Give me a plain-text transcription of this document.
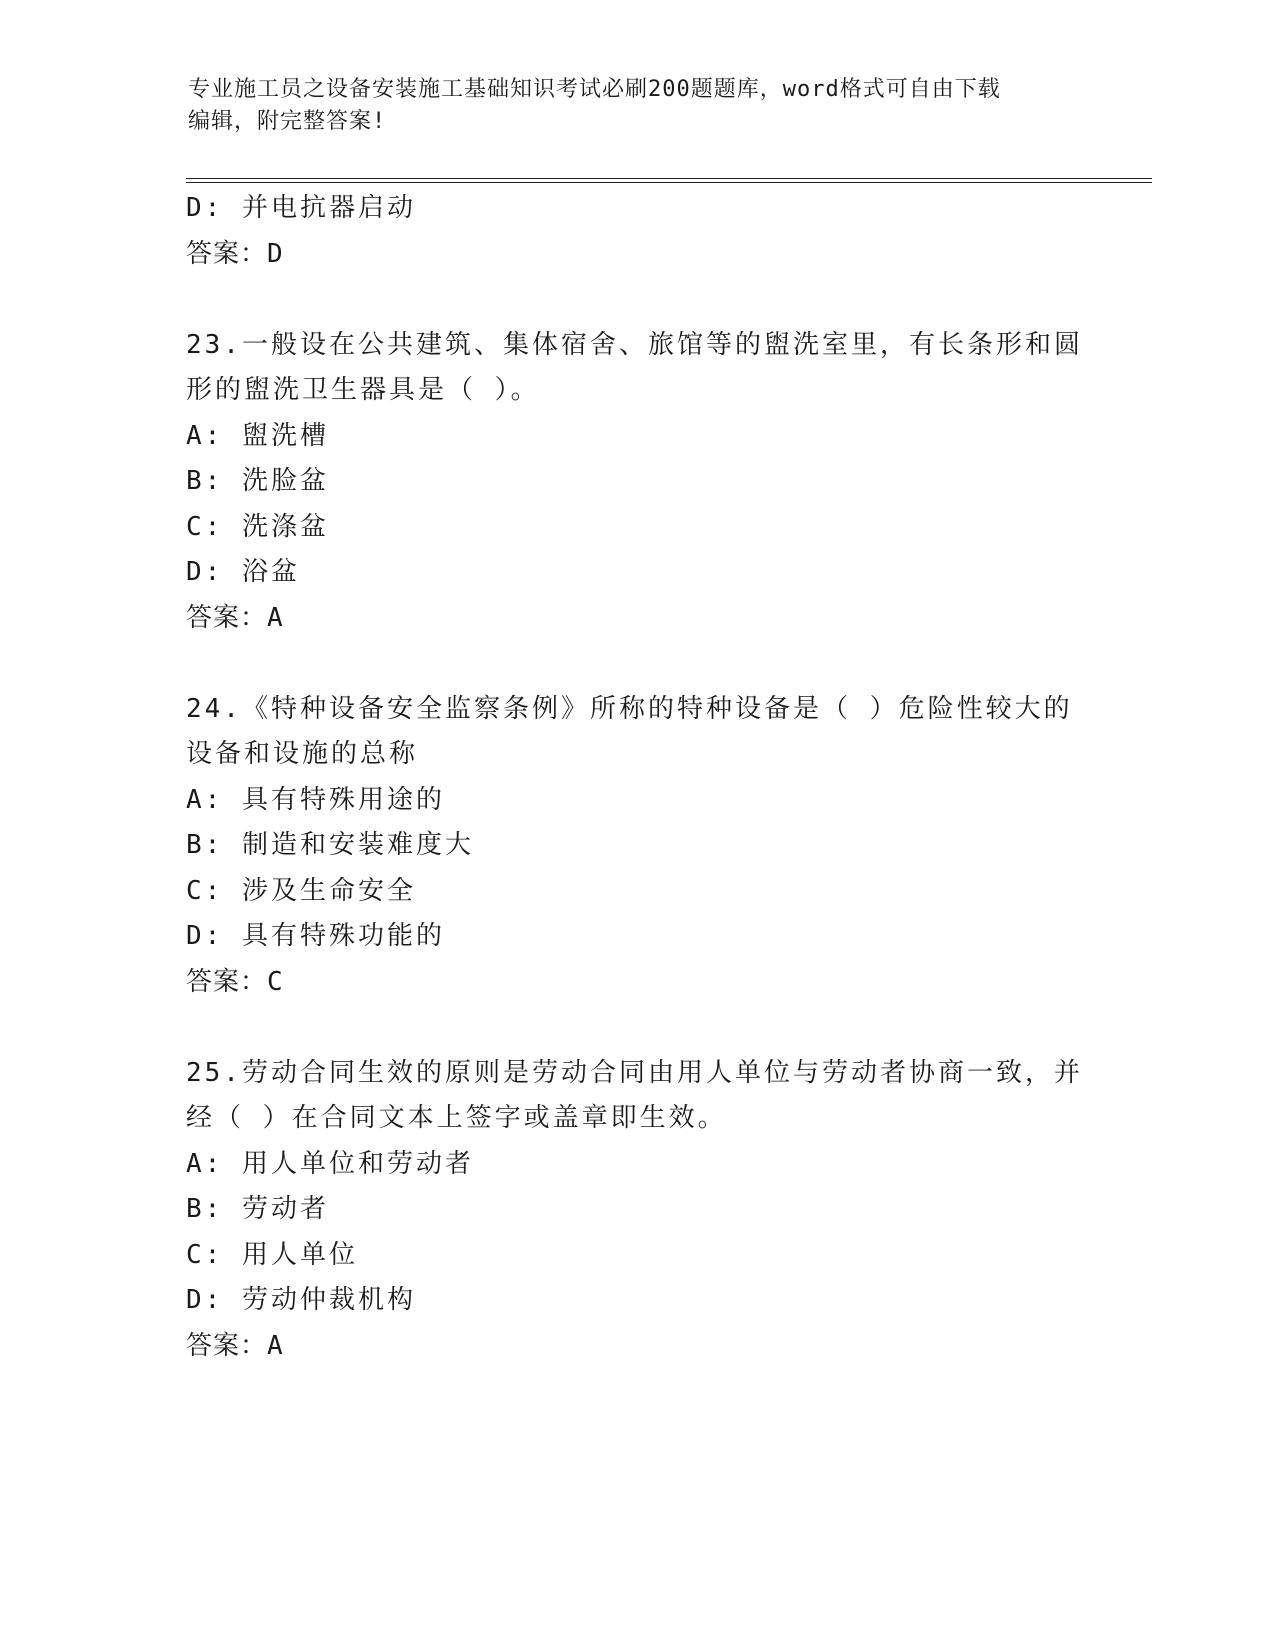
专业施工员之设备安装施工基础知识考试必刷200题题库，word格式可自由下载
编辑，附完整答案!
D: 并电抗器启动
答案：D
23.一般设在公共建筑、集体宿舍、旅馆等的盥洗室里，有长条形和圆
形的盥洗卫生器具是（ ）。
A: 盥洗槽
B: 洗脸盆
C: 洗涤盆
D: 浴盆
答案：A
24.《特种设备安全监察条例》所称的特种设备是（ ）危险性较大的
设备和设施的总称
A: 具有特殊用途的
B: 制造和安装难度大
C: 涉及生命安全
D: 具有特殊功能的
答案：C
25.劳动合同生效的原则是劳动合同由用人单位与劳动者协商一致，并
经（ ）在合同文本上签字或盖章即生效。
A: 用人单位和劳动者
B: 劳动者
C: 用人单位
D: 劳动仲裁机构
答案：A
